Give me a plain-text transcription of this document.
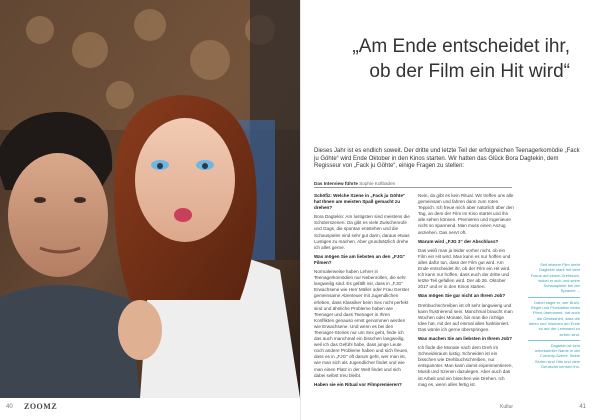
40 ZOOMZ
„Am Ende entscheidet ihr,
ob der Film ein Hit wird“
Dieses Jahr ist es endlich soweit. Der dritte und letzte Teil der erfolgreichen Teenagerkomödie „Fack ju Göhte“ wird Ende Oktober in den Kinos starten. Wir hatten das Glück Bora Dagtekin, dem Regisseur von „Fack ju Göhte“, einige Fragen zu stellen:
Das Interview führte Sophie Kollbaden

Schöfiz: Welche Szene in „Fack ju Göhte“ hat Ihnen am meisten Spaß gemacht zu drehen?

Bora Dagtekin: Am lustigsten sind meistens die Schülerszenen. Da gibt es viele Zwischenrufe und Gags, die spontan entstehen und die Schauspieler sind sehr gut darin, daraus etwas Lustiges zu machen. Aber grundsätzlich drehe ich alles gerne.

Was mögen Sie am liebsten an den „FJG“ Filmen?

Normalerweise haben Lehrer in Teenagerkomödien nur Nebenrollen, die sehr langweilig sind. Es gefällt mir, dass in „FJG“ Erwachsene wie Herr Müller oder Frau Gerster gemeinsame Abenteuer mit Jugendlichen erleben, dass Klassiker beim Sex nicht perfekt sind und ähnliche Probleme haben wie Teenager und dass Teenager in Ihren Konflikten genauso ernst genommen werden wie Erwachsene. Und wenn es bei den Teenager-Stories nur um Sex geht, finde ich das auch manchmal ein bisschen langweilig, weil ich das Gefühl habe, dass junge Leute noch andere Probleme haben und sich freuen, dass es in „FJG“ oft darum geht, wer man ist, wie man sich als Jugendlicher findet und wie man einen Platz in der Welt findet und sich dabei selbst treu bleibt.

Haben sie ein Ritual vor Filmpremieren?

Nein, da gibt es kein Ritual. Wir treffen uns alle gemeinsam und fahren dann zum roten Teppich. Ich freue mich aber natürlich über den Tag, an dem der Film im Kino startet und ihn alle sehen können. Premieren und Ingenieure nicht so spannend. Man muss einen Anzug anziehen. Das nervt oft.

Warum wird „FJG 3“ der Abschluss?

Das weiß man ja leider vorher nicht, ob ein Film ein Hit wird. Man kann es nur hoffen und alles dafür tun, dass der Film gut wird. Am Ende entscheidet ihr, ob der Film ein Hit wird. Ich kann nur hoffen, dass euch der dritte und letzte Teil gefallen wird. Der ab 26. Oktober 2017 und er in den Kinos starten.

Was mögen Sie gar nicht an Ihrem Job?

Drehbuchschreiben ist oft sehr langwierig und kann frustrierend sein. Manchmal braucht man Wochen oder Monate, bis man die richtige Idee hat, mit der auf einmal alles funktioniert. Das würde ich gerne überspringen.

Was machen Sie am liebsten in Ihrem Job?

Ich finde die Monate nach dem Dreh im Schneideraum lustig. Schneiden ist ein bisschen wie Drehbuchschreiben, nur entspannter. Man kann damit experimentieren, Musik und Szenen dazulegen. Aber auch das ist Arbeit und ein bisschen wie Drehen. Ich mag es, wenn alles fertig ist.

Seit letztem Film dreht Dagtekin stark mit dem Fokus auf einem Drehbuch, wobei er sich und seine Schauspieler bei der Sprache ...

Dabei sagte er, wer Buch, Regie und Produktion eines Films übernimmt, hat auch die Gewissheit, dass die Ideen und Visionen am Ende so auf der Leinwand zu sehen sind.

Dagtekin ist kein unbekannter Name in der Comedy-Szene. Seine Serien sind Hits und viele Deutsche kennen ihn.

Kultur	41
